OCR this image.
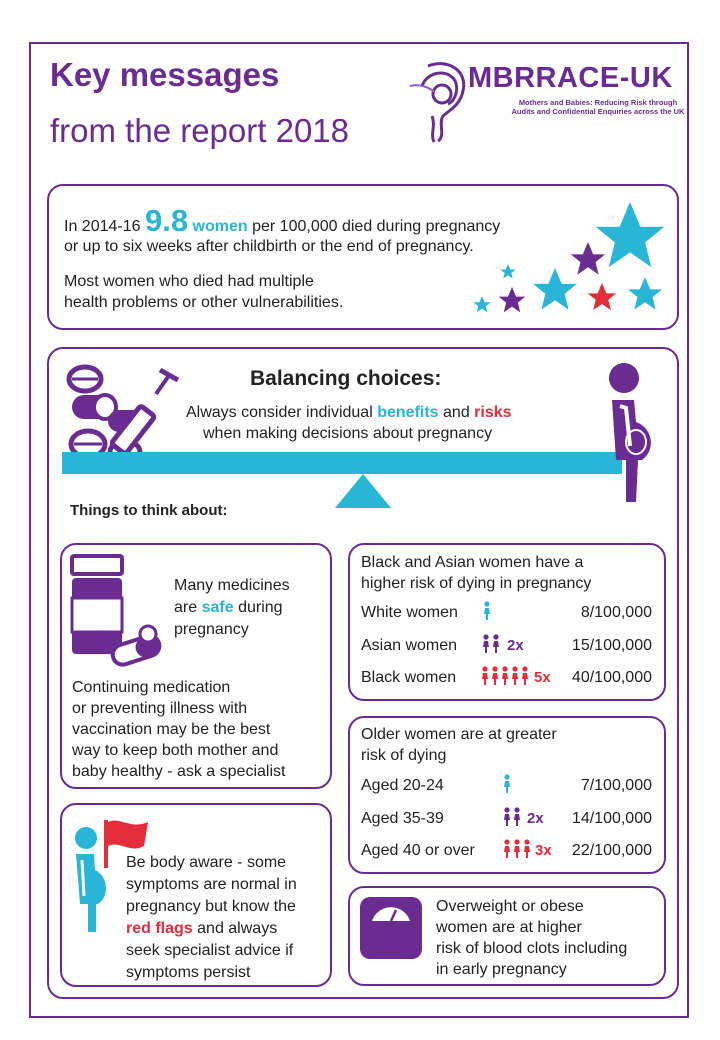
Key messages
from the report 2018
MBRRACE-UK
Mothers and Babies: Reducing Risk through Audits and Confidential Enquiries across the UK
In 2014-16 9.8 women per 100,000 died during pregnancy
or up to six weeks after childbirth or the end of pregnancy.
Most women who died had multiple
health problems or other vulnerabilities.
Balancing choices:
Always consider individual benefits and risks
when making decisions about pregnancy
Things to think about:
Many medicines
are safe during
pregnancy
Continuing medication
or preventing illness with
vaccination may be the best
way to keep both mother and
baby healthy - ask a specialist
Black and Asian women have a
higher risk of dying in pregnancy
White women	8/100,000
Asian women	2x	15/100,000
Black women	5x	40/100,000
Older women are at greater
risk of dying
Aged 20-24	7/100,000
Aged 35-39	2x	14/100,000
Aged 40 or over	3x	22/100,000
Be body aware - some
symptoms are normal in
pregnancy but know the
red flags and always
seek specialist advice if
symptoms persist
Overweight or obese
women are at higher
risk of blood clots including
in early pregnancy
